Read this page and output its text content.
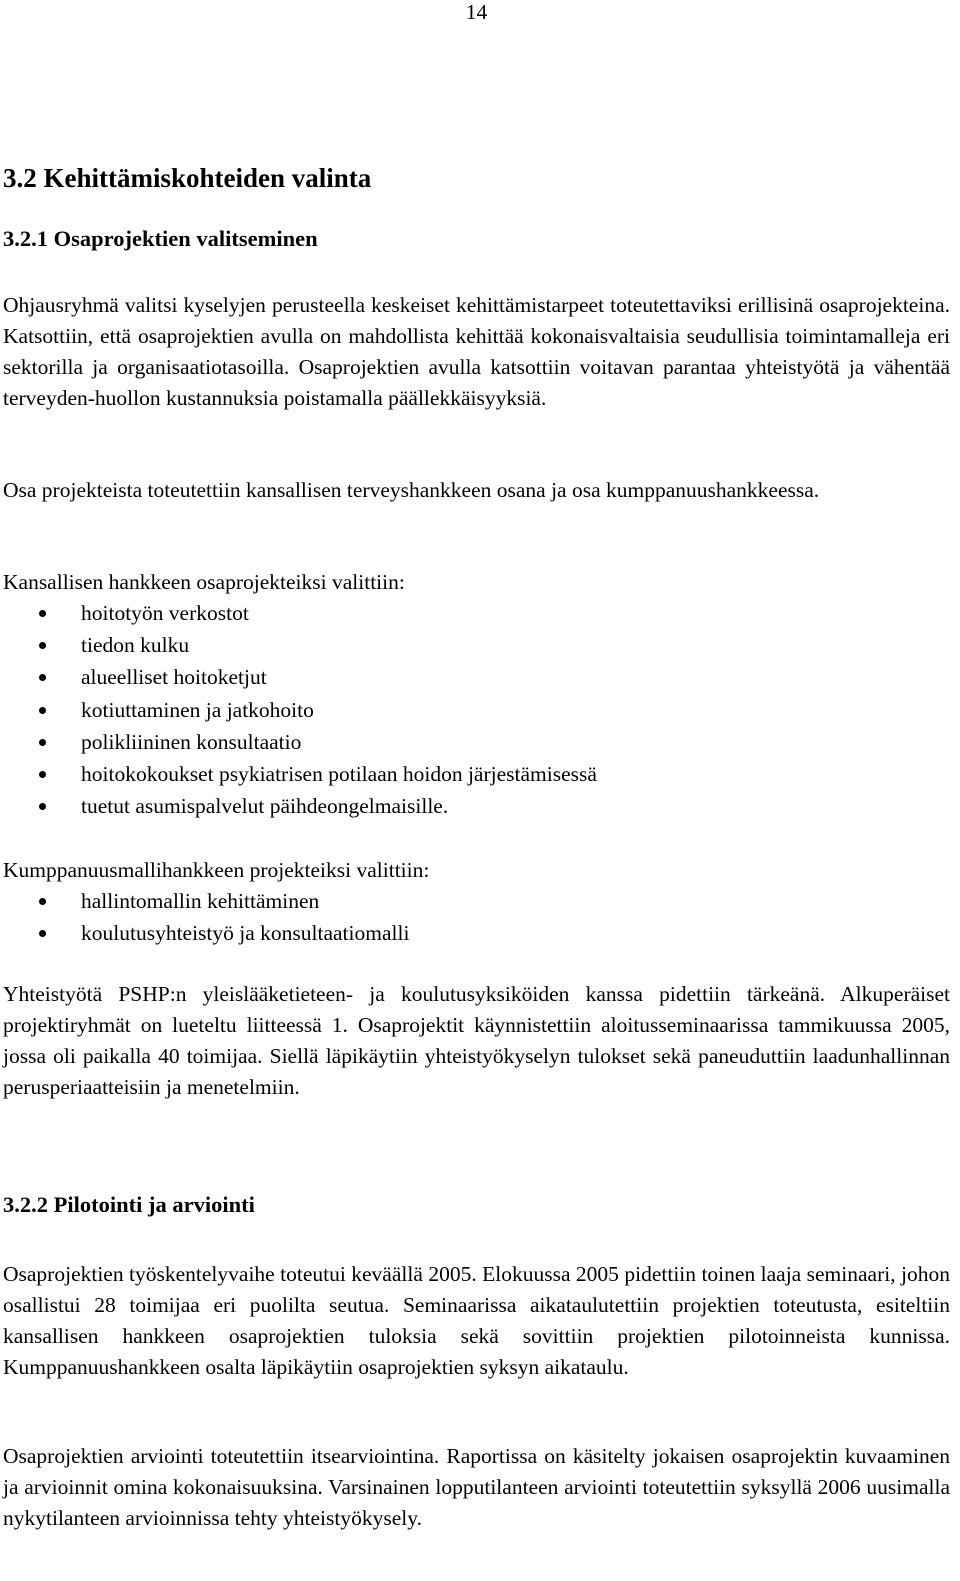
14
3.2 Kehittämiskohteiden valinta
3.2.1 Osaprojektien valitseminen

Ohjausryhmä valitsi kyselyjen perusteella keskeiset kehittämistarpeet toteutettaviksi erillisinä osaprojekteina. Katsottiin, että osaprojektien avulla on mahdollista kehittää kokonaisvaltaisia seudullisia toimintamalleja eri sektorilla ja organisaatiotasoilla. Osaprojektien avulla katsottiin voitavan parantaa yhteistyötä ja vähentää terveyden-huollon kustannuksia poistamalla päällekkäisyyksiä.

Osa projekteista toteutettiin kansallisen terveyshankkeen osana ja osa kumppanuushankkeessa.

Kansallisen hankkeen osaprojekteiksi valittiin:

hoitotyön verkostot
tiedon kulku
alueelliset hoitoketjut
kotiuttaminen ja jatkohoito
polikliininen konsultaatio
hoitokokoukset psykiatrisen potilaan hoidon järjestämisessä
tuetut asumispalvelut päihdeongelmaisille.

Kumppanuusmallihankkeen projekteiksi valittiin:

hallintomallin kehittäminen
koulutusyhteistyö ja konsultaatiomalli

Yhteistyötä PSHP:n yleislääketieteen- ja koulutusyksiköiden kanssa pidettiin tärkeänä. Alkuperäiset projektiryhmät on lueteltu liitteessä 1. Osaprojektit käynnistettiin aloitusseminaarissa tammikuussa 2005, jossa oli paikalla 40 toimijaa. Siellä läpikäytiin yhteistyökyselyn tulokset sekä paneuduttiin laadunhallinnan perusperiaatteisiin ja menetelmiin.

3.2.2 Pilotointi ja arviointi

Osaprojektien työskentelyvaihe toteutui keväällä 2005. Elokuussa 2005 pidettiin toinen laaja seminaari, johon osallistui 28 toimijaa eri puolilta seutua. Seminaarissa aikataulutettiin projektien toteutusta, esiteltiin kansallisen hankkeen osaprojektien tuloksia sekä sovittiin projektien pilotoinneista kunnissa. Kumppanuushankkeen osalta läpikäytiin osaprojektien syksyn aikataulu.

Osaprojektien arviointi toteutettiin itsearviointina. Raportissa on käsitelty jokaisen osaprojektin kuvaaminen ja arvioinnit omina kokonaisuuksina. Varsinainen lopputilanteen arviointi toteutettiin syksyllä 2006 uusimalla nykytilanteen arvioinnissa tehty yhteistyökysely.
